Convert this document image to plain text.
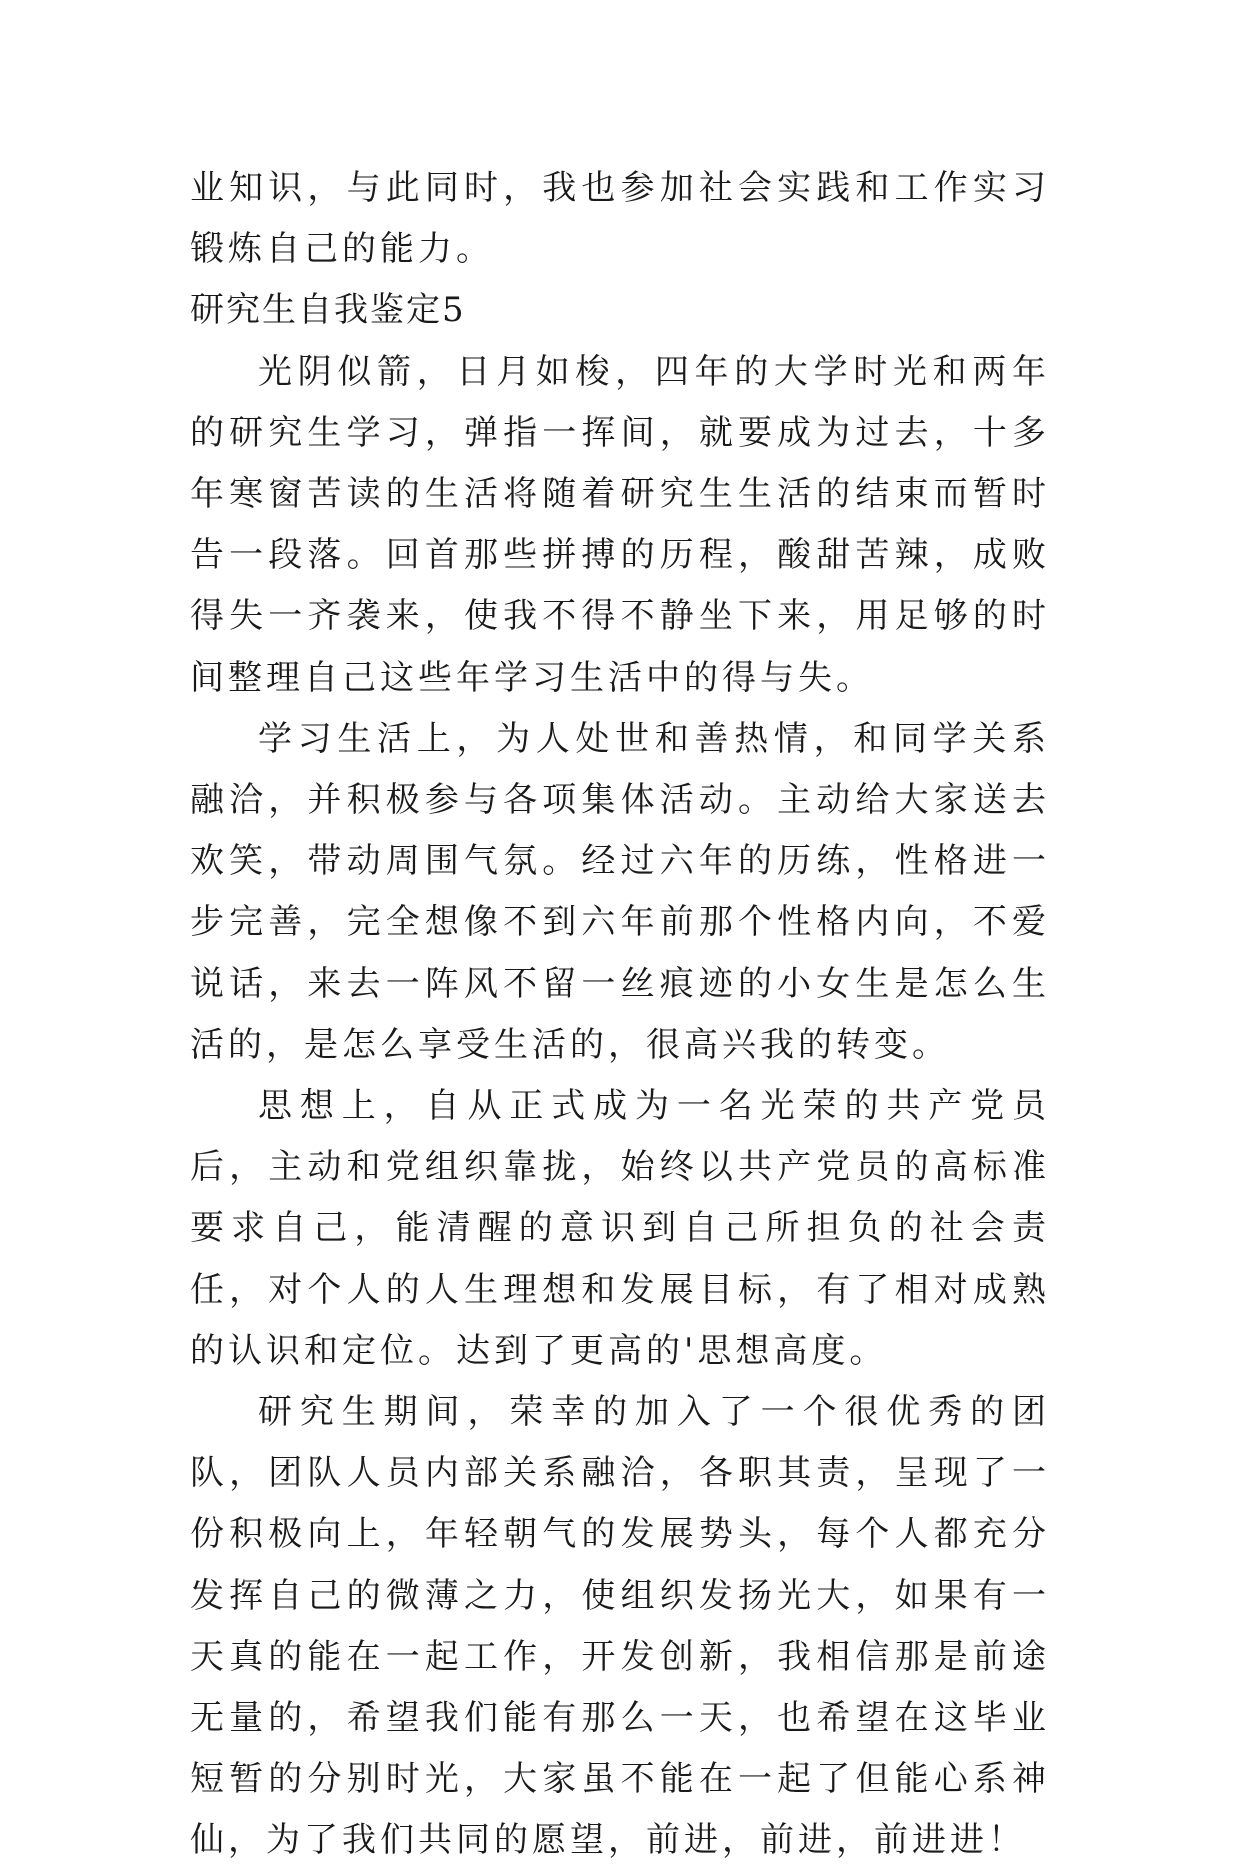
业知识，与此同时，我也参加社会实践和工作实习锻炼自己的能力。

研究生自我鉴定5

光阴似箭，日月如梭，四年的大学时光和两年的研究生学习，弹指一挥间，就要成为过去，十多年寒窗苦读的生活将随着研究生生活的结束而暂时告一段落。回首那些拼搏的历程，酸甜苦辣，成败得失一齐袭来，使我不得不静坐下来，用足够的时间整理自己这些年学习生活中的得与失。

学习生活上，为人处世和善热情，和同学关系融洽，并积极参与各项集体活动。主动给大家送去欢笑，带动周围气氛。经过六年的历练，性格进一步完善，完全想像不到六年前那个性格内向，不爱说话，来去一阵风不留一丝痕迹的小女生是怎么生活的，是怎么享受生活的，很高兴我的转变。

思想上，自从正式成为一名光荣的共产党员后，主动和党组织靠拢，始终以共产党员的高标准要求自己，能清醒的意识到自己所担负的社会责任，对个人的人生理想和发展目标，有了相对成熟的认识和定位。达到了更高的'思想高度。

研究生期间，荣幸的加入了一个很优秀的团队，团队人员内部关系融洽，各职其责，呈现了一份积极向上，年轻朝气的发展势头，每个人都充分发挥自己的微薄之力，使组织发扬光大，如果有一天真的能在一起工作，开发创新，我相信那是前途无量的，希望我们能有那么一天，也希望在这毕业短暂的分别时光，大家虽不能在一起了但能心系神仙，为了我们共同的愿望，前进，前进，前进进！
